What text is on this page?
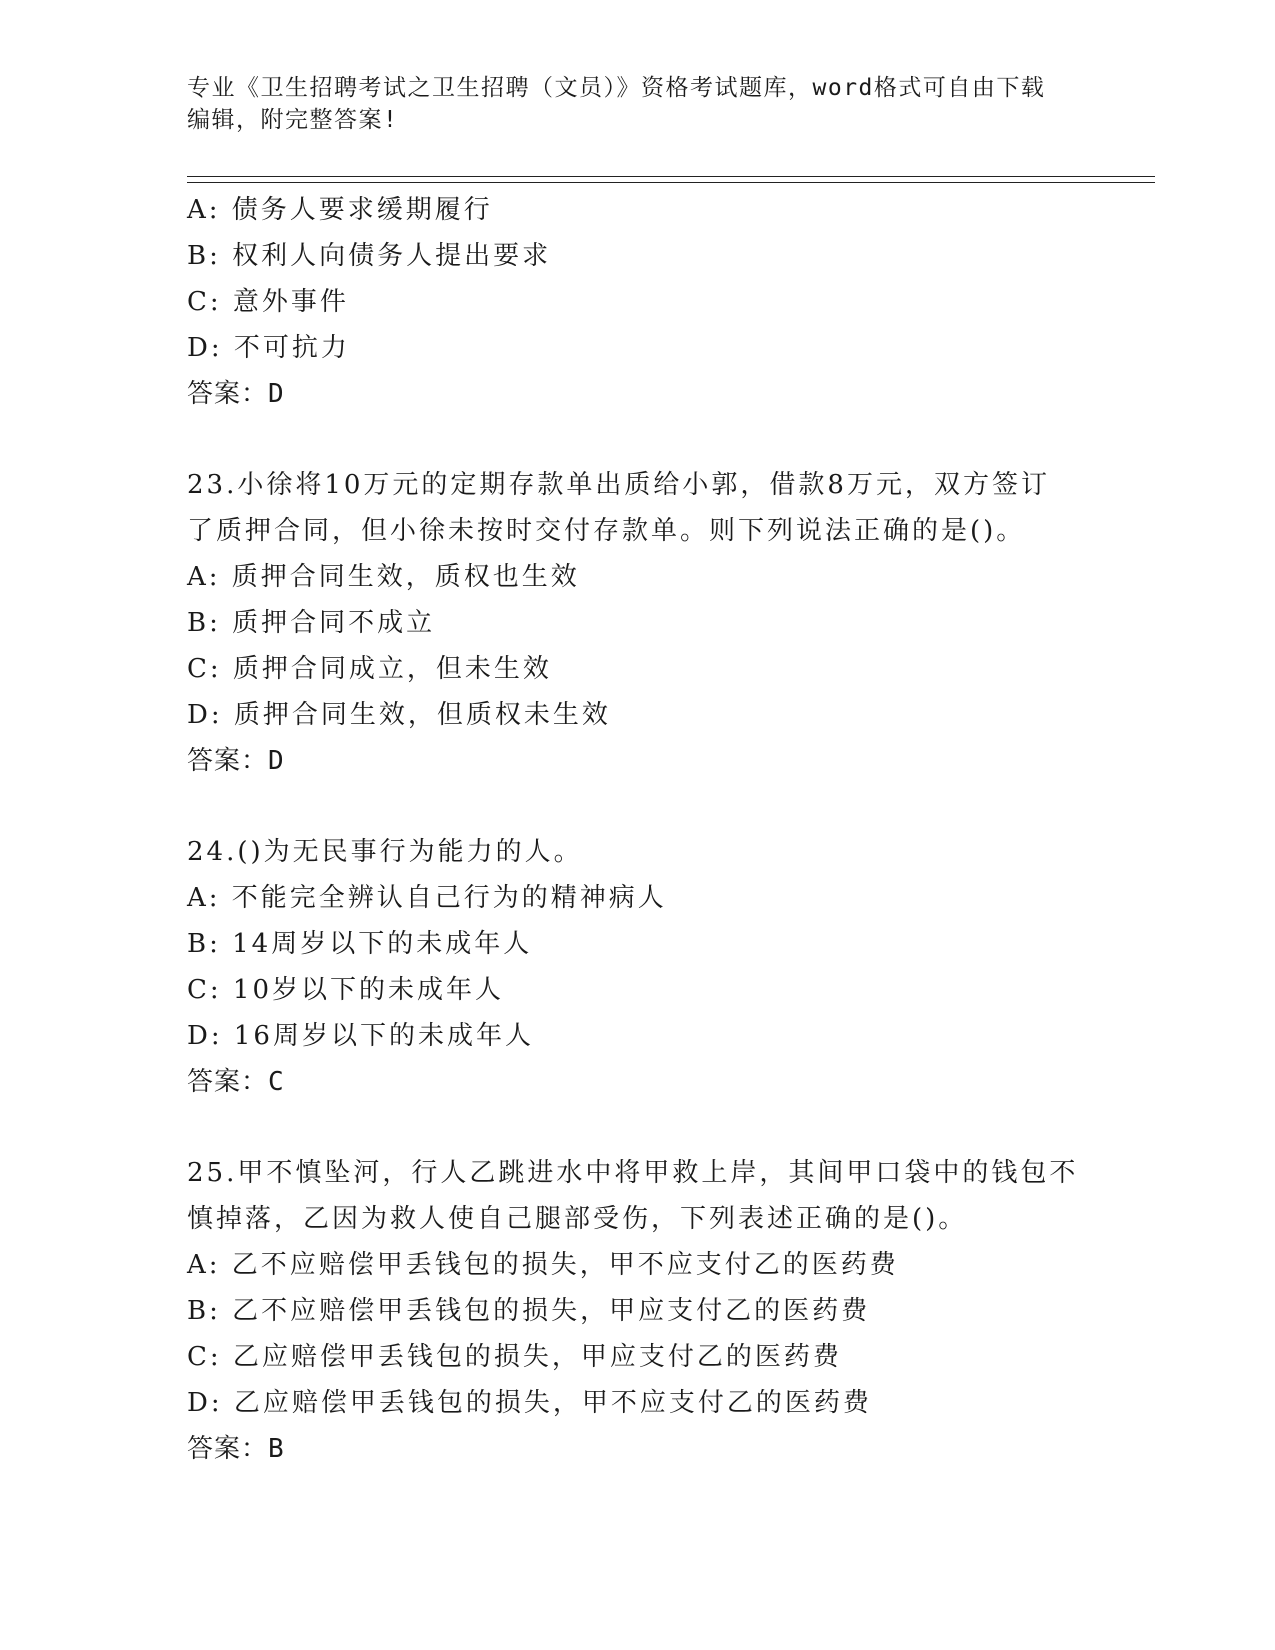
专业《卫生招聘考试之卫生招聘（文员）》资格考试题库，word格式可自由下载
编辑，附完整答案!
A: 债务人要求缓期履行
B: 权利人向债务人提出要求
C: 意外事件
D: 不可抗力
答案：D
23.小徐将10万元的定期存款单出质给小郭，借款8万元，双方签订
了质押合同，但小徐未按时交付存款单。则下列说法正确的是()。
A: 质押合同生效，质权也生效
B: 质押合同不成立
C: 质押合同成立，但未生效
D: 质押合同生效，但质权未生效
答案：D
24.()为无民事行为能力的人。
A: 不能完全辨认自己行为的精神病人
B: 14周岁以下的未成年人
C: 10岁以下的未成年人
D: 16周岁以下的未成年人
答案：C
25.甲不慎坠河，行人乙跳进水中将甲救上岸，其间甲口袋中的钱包不
慎掉落，乙因为救人使自己腿部受伤，下列表述正确的是()。
A: 乙不应赔偿甲丢钱包的损失，甲不应支付乙的医药费
B: 乙不应赔偿甲丢钱包的损失，甲应支付乙的医药费
C: 乙应赔偿甲丢钱包的损失，甲应支付乙的医药费
D: 乙应赔偿甲丢钱包的损失，甲不应支付乙的医药费
答案：B
